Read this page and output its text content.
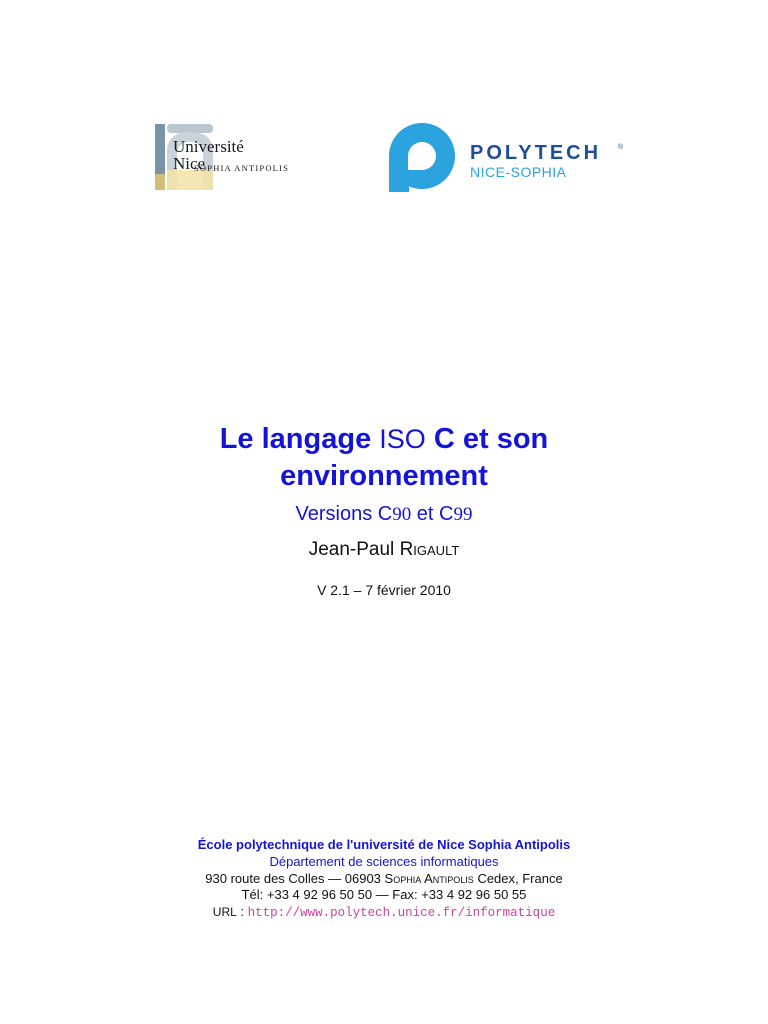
Université
Nice
SOPHIA ANTIPOLIS
POLYTECH ®
NICE-SOPHIA
Le langage ISO C et son
environnement
Versions C90 et C99
Jean-Paul Rigault
V 2.1 – 7 février 2010
École polytechnique de l'université de Nice Sophia Antipolis
Département de sciences informatiques
930 route des Colles — 06903 Sophia Antipolis Cedex, France
Tél: +33 4 92 96 50 50 — Fax: +33 4 92 96 50 55
URL : http://www.polytech.unice.fr/informatique
